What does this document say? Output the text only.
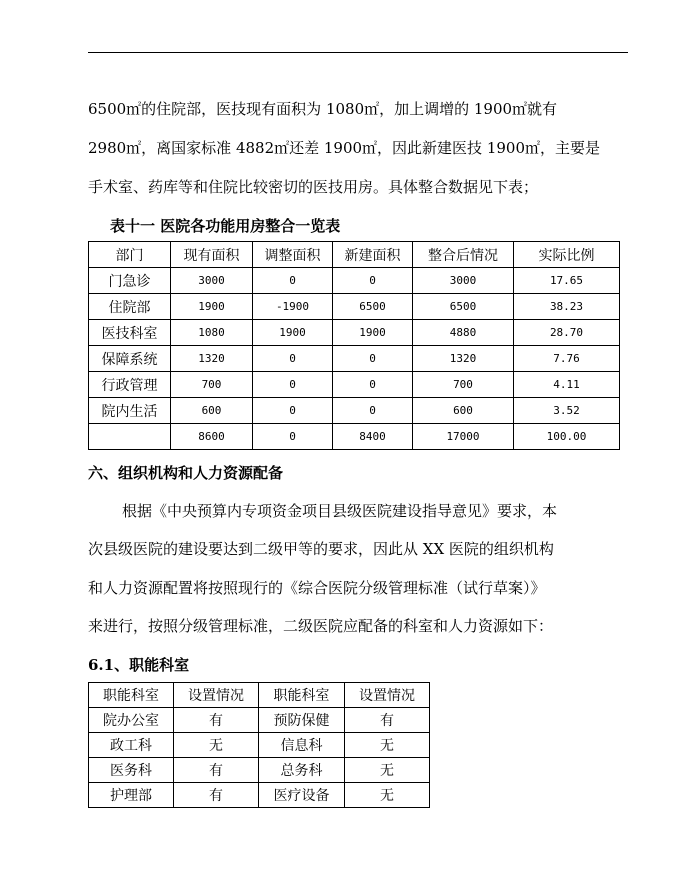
6500㎡的住院部，医技现有面积为 1080㎡，加上调增的 1900㎡就有
2980㎡，离国家标准 4882㎡还差 1900㎡，因此新建医技 1900㎡，主要是
手术室、药库等和住院比较密切的医技用房。具体整合数据见下表；
表十一 医院各功能用房整合一览表
部门	现有面积	调整面积	新建面积	整合后情况	实际比例
门急诊	3000	0	0	3000	17.65
住院部	1900	-1900	6500	6500	38.23
医技科室	1080	1900	1900	4880	28.70
保障系统	1320	0	0	1320	7.76
行政管理	700	0	0	700	4.11
院内生活	600	0	0	600	3.52
	8600	0	8400	17000	100.00
六、组织机构和人力资源配备
根据《中央预算内专项资金项目县级医院建设指导意见》要求，本
次县级医院的建设要达到二级甲等的要求，因此从 XX 医院的组织机构
和人力资源配置将按照现行的《综合医院分级管理标准（试行草案）》
来进行，按照分级管理标准，二级医院应配备的科室和人力资源如下：
6.1、职能科室
职能科室	设置情况	职能科室	设置情况
院办公室	有	预防保健	有
政工科	无	信息科	无
医务科	有	总务科	无
护理部	有	医疗设备	无
